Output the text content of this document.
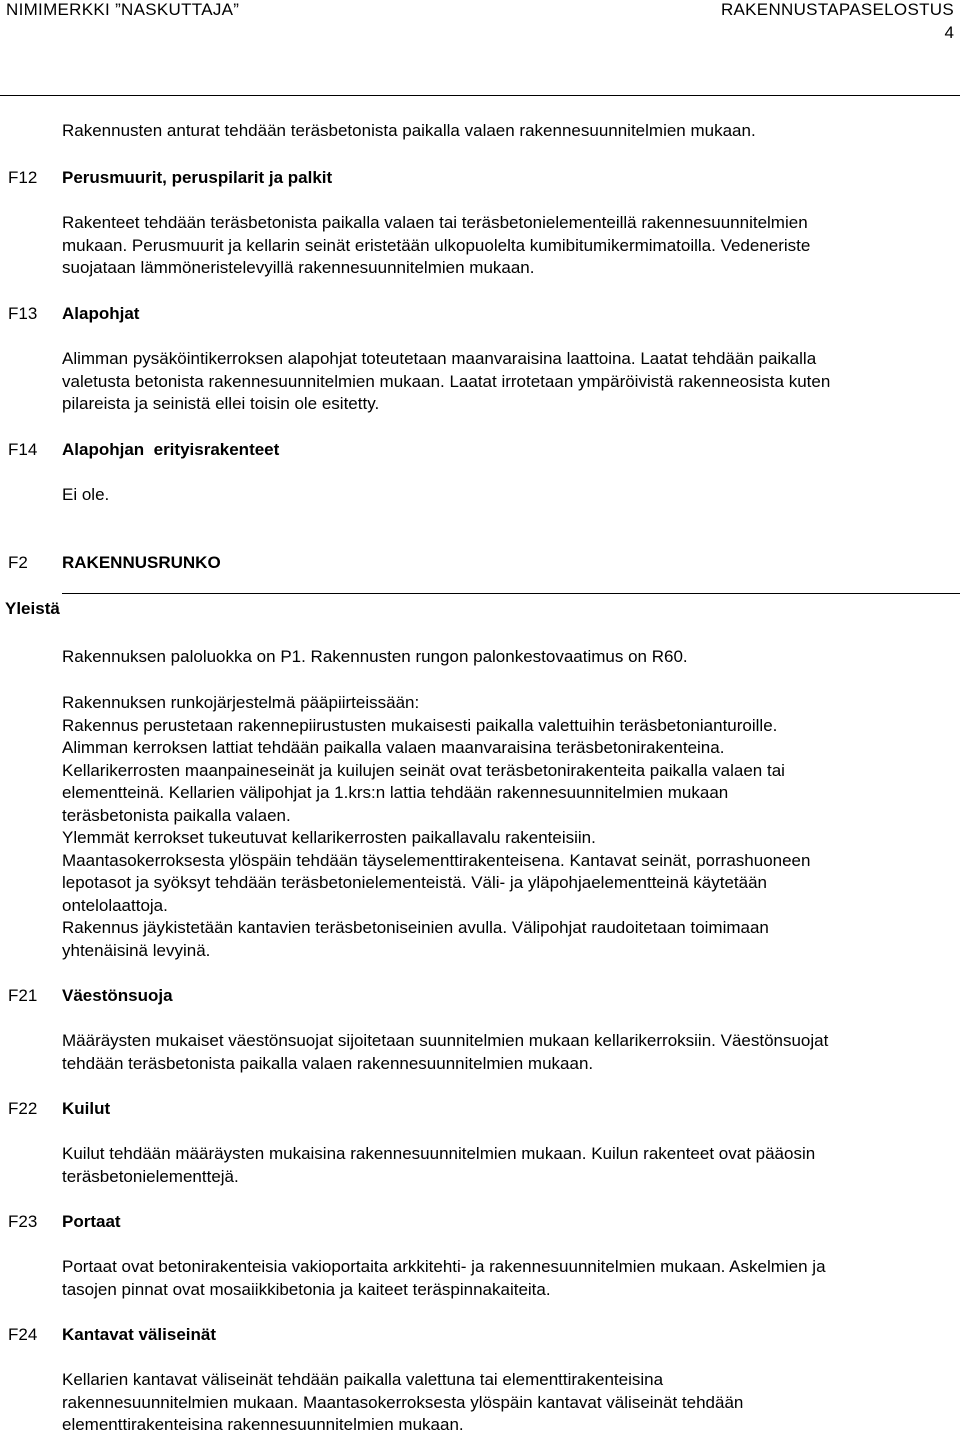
NIMIMERKKI ”NASKUTTAJA”	RAKENNUSTAPASELOSTUS
4
Rakennusten anturat tehdään teräsbetonista paikalla valaen rakennesuunnitelmien mukaan.
F12 Perusmuurit, peruspilarit ja palkit
Rakenteet tehdään teräsbetonista paikalla valaen tai teräsbetonielementeillä rakennesuunnitelmien
mukaan. Perusmuurit ja kellarin seinät eristetään ulkopuolelta kumibitumikermimatoilla. Vedeneriste
suojataan lämmöneristelevyillä rakennesuunnitelmien mukaan.
F13 Alapohjat
Alimman pysäköintikerroksen alapohjat toteutetaan maanvaraisina laattoina. Laatat tehdään paikalla
valetusta betonista rakennesuunnitelmien mukaan. Laatat irrotetaan ympäröivistä rakenneosista kuten
pilareista ja seinistä ellei toisin ole esitetty.
F14 Alapohjan  erityisrakenteet
Ei ole.
F2 RAKENNUSRUNKO
Yleistä
Rakennuksen paloluokka on P1. Rakennusten rungon palonkestovaatimus on R60.
Rakennuksen runkojärjestelmä pääpiirteissään:
Rakennus perustetaan rakennepiirustusten mukaisesti paikalla valettuihin teräsbetonianturoille.
Alimman kerroksen lattiat tehdään paikalla valaen maanvaraisina teräsbetonirakenteina.
Kellarikerrosten maanpaineseinät ja kuilujen seinät ovat teräsbetonirakenteita paikalla valaen tai
elementteinä. Kellarien välipohjat ja 1.krs:n lattia tehdään rakennesuunnitelmien mukaan
teräsbetonista paikalla valaen.
Ylemmät kerrokset tukeutuvat kellarikerrosten paikallavalu rakenteisiin.
Maantasokerroksesta ylöspäin tehdään täyselementtirakenteisena. Kantavat seinät, porrashuoneen
lepotasot ja syöksyt tehdään teräsbetonielementeistä. Väli- ja yläpohjaelementteinä käytetään
ontelolaattoja.
Rakennus jäykistetään kantavien teräsbetoniseinien avulla. Välipohjat raudoitetaan toimimaan
yhtenäisinä levyinä.
F21 Väestönsuoja
Määräysten mukaiset väestönsuojat sijoitetaan suunnitelmien mukaan kellarikerroksiin. Väestönsuojat
tehdään teräsbetonista paikalla valaen rakennesuunnitelmien mukaan.
F22 Kuilut
Kuilut tehdään määräysten mukaisina rakennesuunnitelmien mukaan. Kuilun rakenteet ovat pääosin
teräsbetonielementtejä.
F23 Portaat
Portaat ovat betonirakenteisia vakioportaita arkkitehti- ja rakennesuunnitelmien mukaan. Askelmien ja
tasojen pinnat ovat mosaiikkibetonia ja kaiteet teräspinnakaiteita.
F24 Kantavat väliseinät
Kellarien kantavat väliseinät tehdään paikalla valettuna tai elementtirakenteisina
rakennesuunnitelmien mukaan. Maantasokerroksesta ylöspäin kantavat väliseinät tehdään
elementtirakenteisina rakennesuunnitelmien mukaan.
